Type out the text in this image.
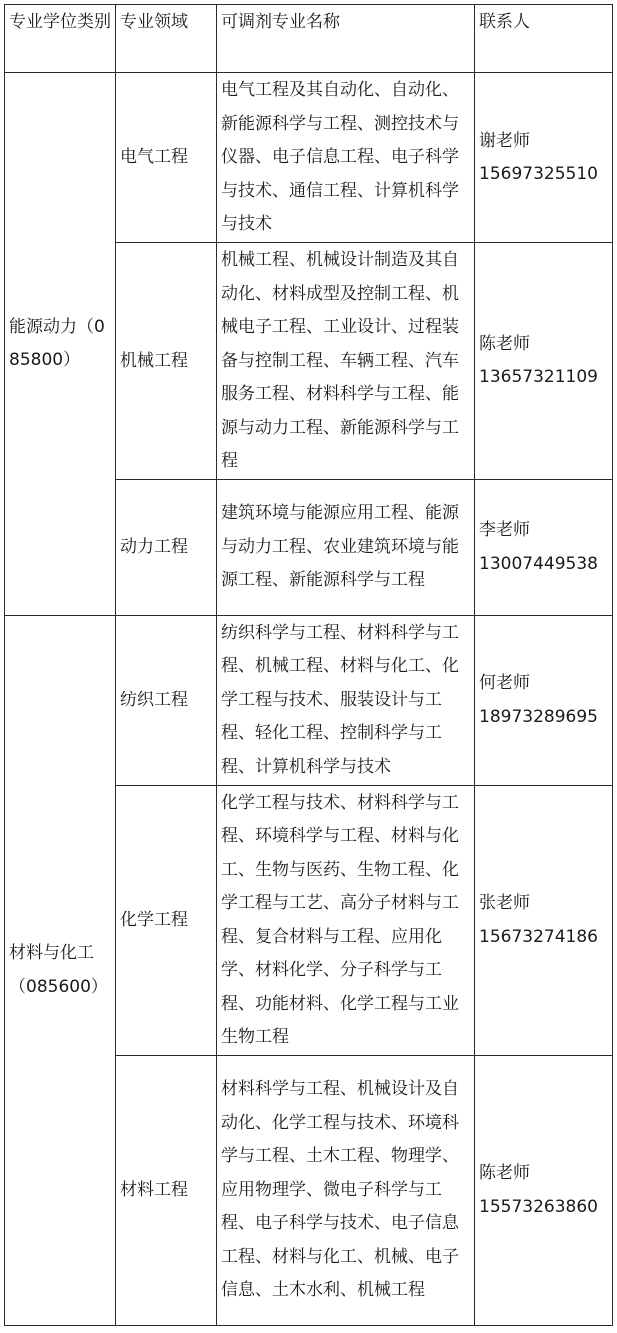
专业学位类别	专业领域	可调剂专业名称	联系人
能源动力（085800）	电气工程	电气工程及其自动化、自动化、新能源科学与工程、测控技术与仪器、电子信息工程、电子科学与技术、通信工程、计算机科学与技术	谢老师
15697325510

	机械工程	机械工程、机械设计制造及其自动化、材料成型及控制工程、机械电子工程、工业设计、过程装备与控制工程、车辆工程、汽车服务工程、材料科学与工程、能源与动力工程、新能源科学与工程	陈老师
13657321109

	动力工程	建筑环境与能源应用工程、能源与动力工程、农业建筑环境与能源工程、新能源科学与工程	李老师
13007449538

材料与化工（085600）	纺织工程	纺织科学与工程、材料科学与工程、机械工程、材料与化工、化学工程与技术、服装设计与工程、轻化工程、控制科学与工程、计算机科学与技术	何老师
18973289695

	化学工程	化学工程与技术、材料科学与工程、环境科学与工程、材料与化工、生物与医药、生物工程、化学工程与工艺、高分子材料与工程、复合材料与工程、应用化学、材料化学、分子科学与工程、功能材料、化学工程与工业生物工程	张老师
15673274186

	材料工程	材料科学与工程、机械设计及自动化、化学工程与技术、环境科学与工程、土木工程、物理学、应用物理学、微电子科学与工程、电子科学与技术、电子信息工程、材料与化工、机械、电子信息、土木水利、机械工程	陈老师
15573263860
